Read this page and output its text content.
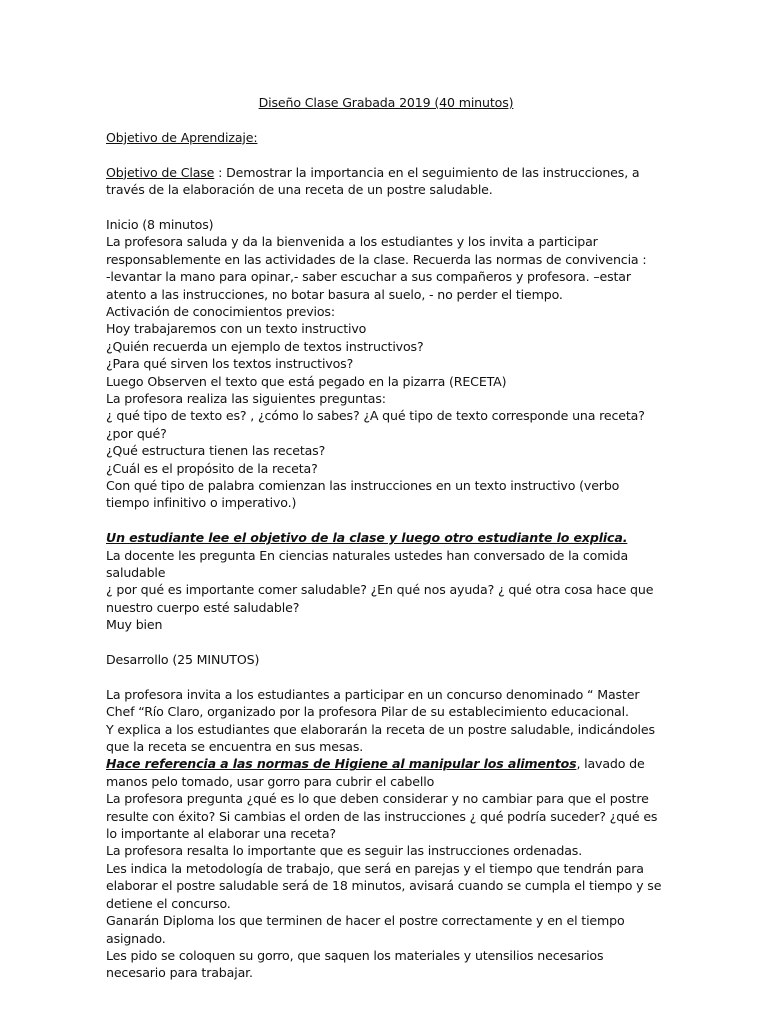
Diseño Clase Grabada 2019 (40 minutos)

Objetivo de Aprendizaje:

Objetivo de Clase : Demostrar la importancia en el seguimiento de las instrucciones, a través de la elaboración de una receta de un postre saludable.

Inicio (8 minutos)

La profesora saluda y da la bienvenida a los estudiantes y los invita a participar responsablemente en las actividades de la clase. Recuerda las normas de convivencia :

-levantar la mano para opinar,- saber escuchar a sus compañeros y profesora. –estar atento a las instrucciones, no botar basura al suelo, - no perder el tiempo.

Activación de conocimientos previos:

Hoy trabajaremos con un texto instructivo

¿Quién recuerda un ejemplo de textos instructivos?

¿Para qué sirven los textos instructivos?

Luego Observen el texto que está pegado en la pizarra (RECETA)

La profesora realiza las siguientes preguntas:

¿ qué tipo de texto es? , ¿cómo lo sabes? ¿A qué tipo de texto corresponde una receta? ¿por qué?

¿Qué estructura tienen las recetas?

¿Cuál es el propósito de la receta?

Con qué tipo de palabra comienzan las instrucciones en un texto instructivo (verbo tiempo infinitivo o imperativo.)

Un estudiante lee el objetivo de la clase y luego otro estudiante lo explica.

La docente les pregunta En ciencias naturales ustedes han conversado de la comida saludable

¿ por qué es importante comer saludable? ¿En qué nos ayuda? ¿ qué otra cosa hace que nuestro cuerpo esté saludable?

Muy bien

Desarrollo (25 MINUTOS)

La profesora invita a los estudiantes a participar en un concurso denominado “ Master Chef “Río Claro, organizado por la profesora Pilar de su establecimiento educacional.

Y explica a los estudiantes que elaborarán la receta de un postre saludable, indicándoles que la receta se encuentra en sus mesas.

Hace referencia a las normas de Higiene al manipular los alimentos, lavado de manos pelo tomado, usar gorro para cubrir el cabello

La profesora pregunta ¿qué es lo que deben considerar y no cambiar para que el postre resulte con éxito? Si cambias el orden de las instrucciones ¿ qué podría suceder? ¿qué es lo importante al elaborar una receta?

La profesora resalta lo importante que es seguir las instrucciones ordenadas.

Les indica la metodología de trabajo, que será en parejas y el tiempo que tendrán para elaborar el postre saludable será de 18 minutos, avisará cuando se cumpla el tiempo y se detiene el concurso.

Ganarán Diploma los que terminen de hacer el postre correctamente y en el tiempo asignado.

Les pido se coloquen su gorro, que saquen los materiales y utensilios necesarios necesario para trabajar.
